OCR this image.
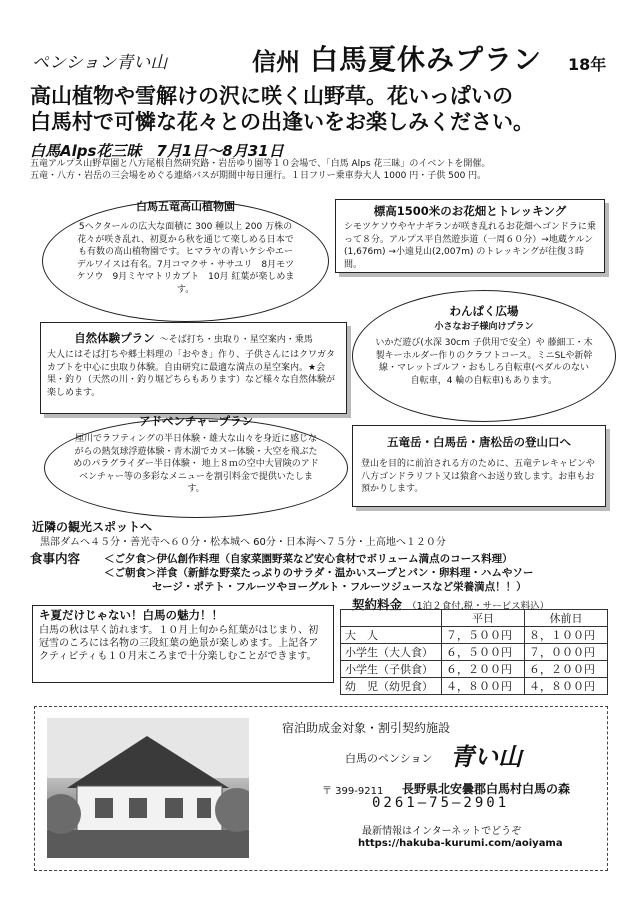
ペンション青い山	信州 白馬夏休みプラン 18年
高山植物や雪解けの沢に咲く山野草。花いっぱいの
白馬村で可憐な花々との出逢いをお楽しみください。
白馬Alps花三昧　7月1日～8月31日
五竜アルプス山野草園と八方尾根自然研究路・岩岳ゆり園等１０会場で、「白馬 Alps 花三昧」のイベントを開催。
五竜・八方・岩岳の三会場をめぐる連絡バスが期間中毎日運行。１日フリー乗車券大人 1000 円・子供 500 円。
白馬五竜高山植物園
5ヘクタールの広大な面積に 300 種以上 200 万株の花々が咲き乱れ、初夏から秋を通じて楽しめる日本でも有数の高山植物園です。ヒマラヤの青いケシやエーデルワイスは有名。7月コマクサ・ササユリ　8月モツケソウ　9月ミヤマトリカブト　10月 紅葉が楽しめます。
標高1500米のお花畑とトレッキング
シモツケソウやヤナギランが咲き乱れるお花畑へゴンドラに乗って８分。アルプス平自然遊歩道（一周６０分）→地蔵ケルン(1,676m) →小遠見山(2,007m) のトレッキングが往復３時間。
自然体験プラン ～そば打ち・虫取り・星空案内・乗馬
大人にはそば打ちや郷土料理の「おやき」作り、子供さんにはクワガタカブトを中心に虫取り体験。自由研究に最適な満点の星空案内。★会 果・釣り（天然の川・釣り堀どちらもあります）など様々な自然体験が楽しめます。
わんぱく広場
小さなお子様向けプラン
いかだ遊び(水深 30cm 子供用で安全）や 藤細工・木製キーホルダー作りのクラフトコース。ミニSLや新幹線・マレットゴルフ・おもしろ自転車(ペダルのない自転車，4 輪の自転車)もあります。
アドベンチャープラン
厘川でラフティングの半日体験・雄大な山々を身近に感じながらの熱気球浮遊体験・青木湖でカヌー体験・大空を飛ぶためのパラグライダー半日体験・ 地上８ｍの空中大冒険のアドベンチャー等の多彩なメニューを割引料金で提供いたします。
五竜岳・白馬岳・唐松岳の登山口へ
登山を目的に前泊される方のために、五竜テレキャビンや八方ゴンドラリフト又は猿倉へお送り致します。お車もお預かりします。
近隣の観光スポットへ
黒部ダムへ４５分・善光寺へ６０分・松本城へ 60分・日本海へ７５分・上高地へ１２０分
食事内容 ＜ご夕食＞伊仏創作料理（自家菜園野菜など安心食材でボリューム満点のコース料理）
＜ご朝食＞洋食（新鮮な野菜たっぷりのサラダ・温かいスープとパン・卵料理・ハムやソー
セージ・ポテト・フルーツやヨーグルト・フルーツジュースなど栄養満点！！）
キ夏だけじゃない！白馬の魅力！！
白馬の秋は早く訪れます。１０月上旬から紅葉がはじまり、初冠雪のころには名物の三段紅葉の絶景が楽しめます。上記各アクティビティも１０月末ころまで十分楽しむことができます。
契約料金 （1泊２食付,税・サービス料込）
	平日	休前日
大　人	７，５００円	８，１００円
小学生（大人食）	６，５００円	７，０００円
小学生（子供食）	６，２００円	６，２００円
幼　児（幼児食）	４，８００円	４，８００円
宿泊助成金対象・割引契約施設
白馬のペンション 青い山
〒 399-9211 長野県北安曇郡白馬村白馬の森
0261―75―2901
最新情報はインターネットでどうぞ
https://hakuba-kurumi.com/aoiyama
